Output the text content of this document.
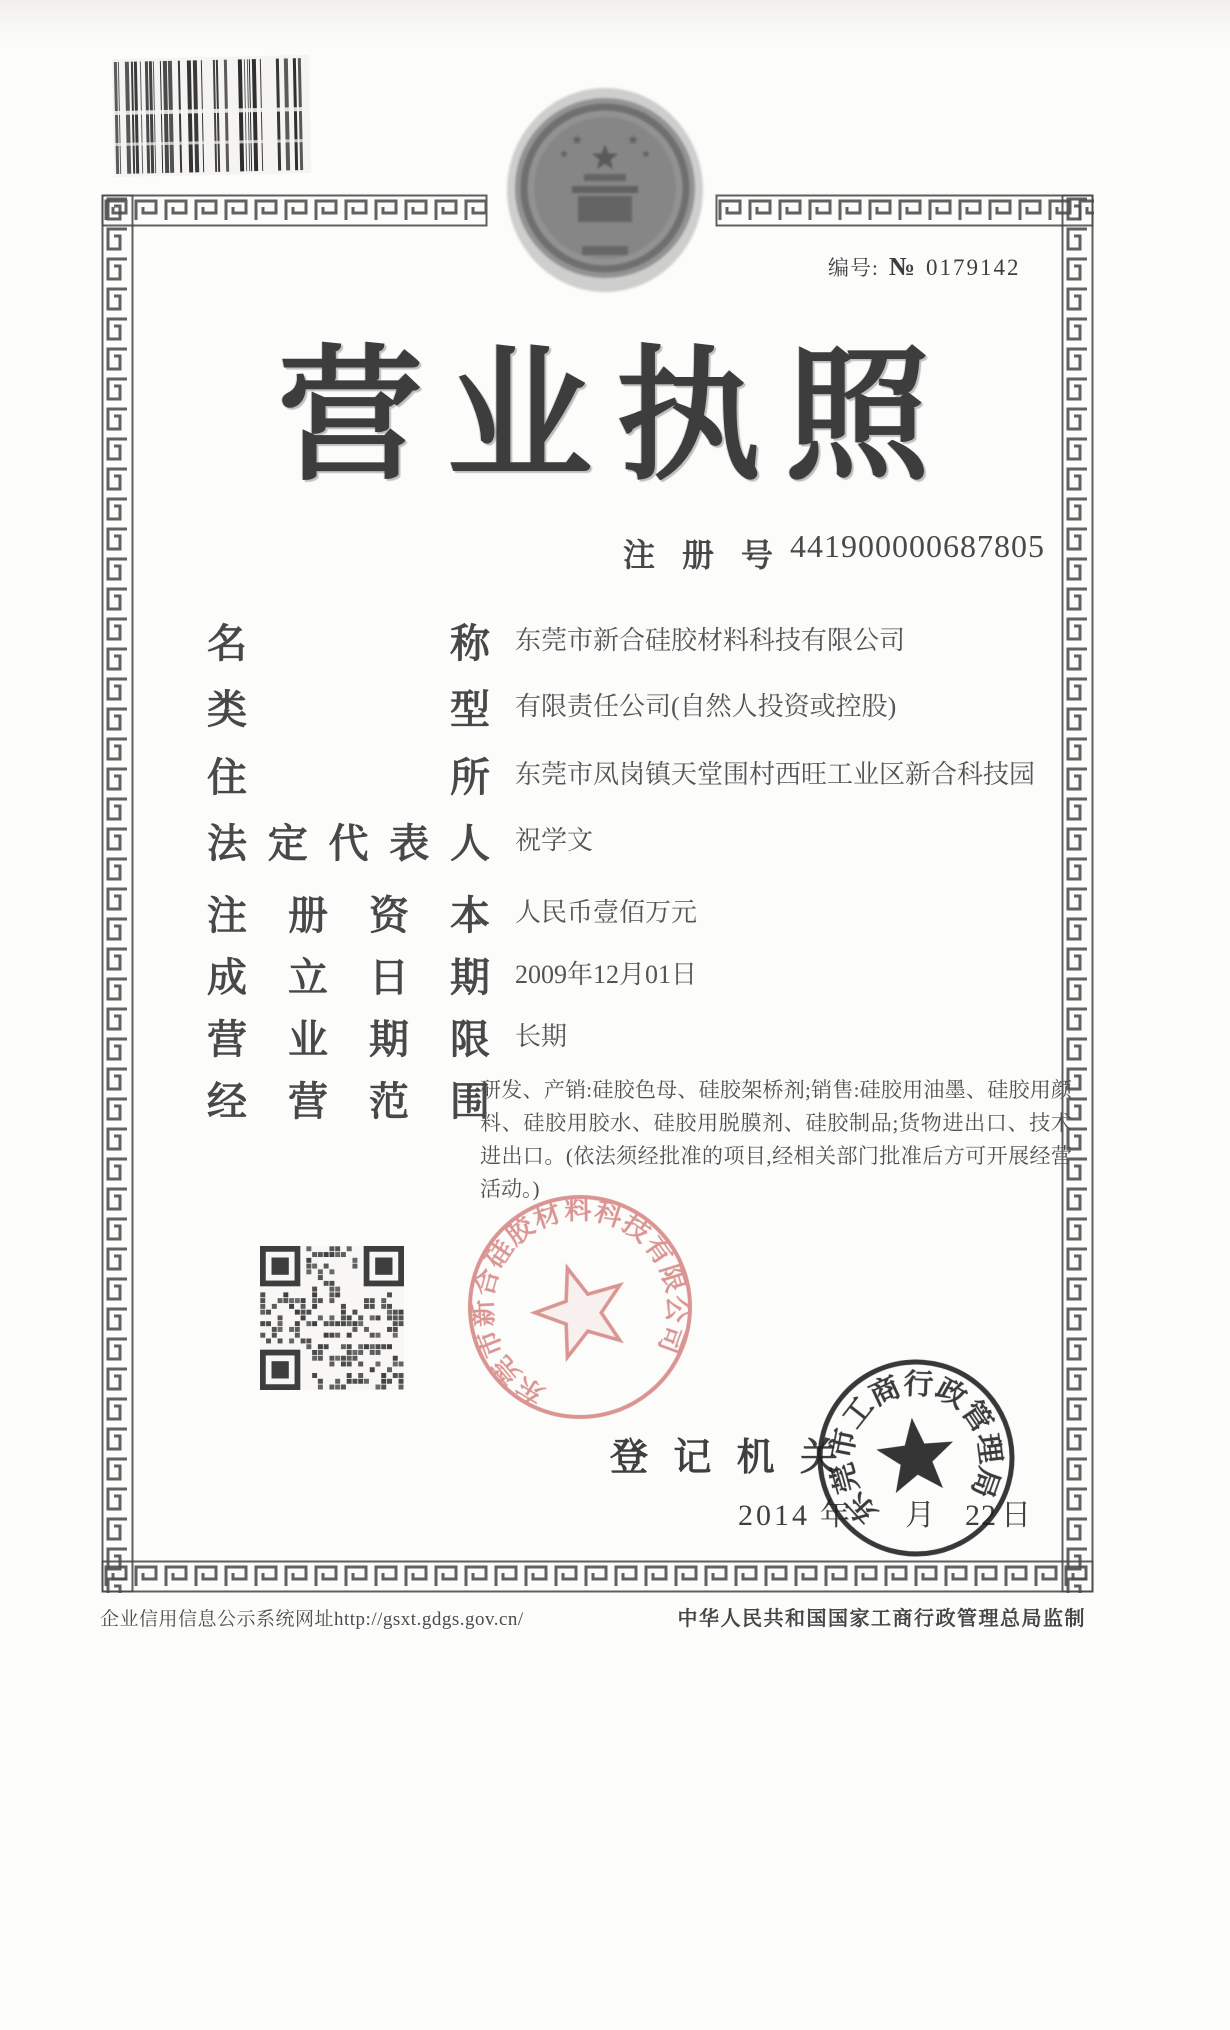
编号: № 0179142
营 业 执 照
注 册 号 441900000687805
名	称 东莞市新合硅胶材料科技有限公司
类	型 有限责任公司(自然人投资或控股)
住	所 东莞市凤岗镇天堂围村西旺工业区新合科技园
法 定 代 表 人 祝学文
注 册 资 本 人民币壹佰万元
成 立 日 期 2009年12月01日
营 业 期 限 长期
经 营 范 围
研发、产销:硅胶色母、硅胶架桥剂;销售:硅胶用油墨、硅胶用颜料、硅胶用胶水、硅胶用脱膜剂、硅胶制品;货物进出口、技术进出口。(依法须经批准的项目,经相关部门批准后方可开展经营活动。)
东莞市新合硅胶材料科技有限公司
登 记 机 关
2014 年 月 22 日
东莞市工商行政管理局
企业信用信息公示系统网址http://gsxt.gdgs.gov.cn/	中华人民共和国国家工商行政管理总局监制
